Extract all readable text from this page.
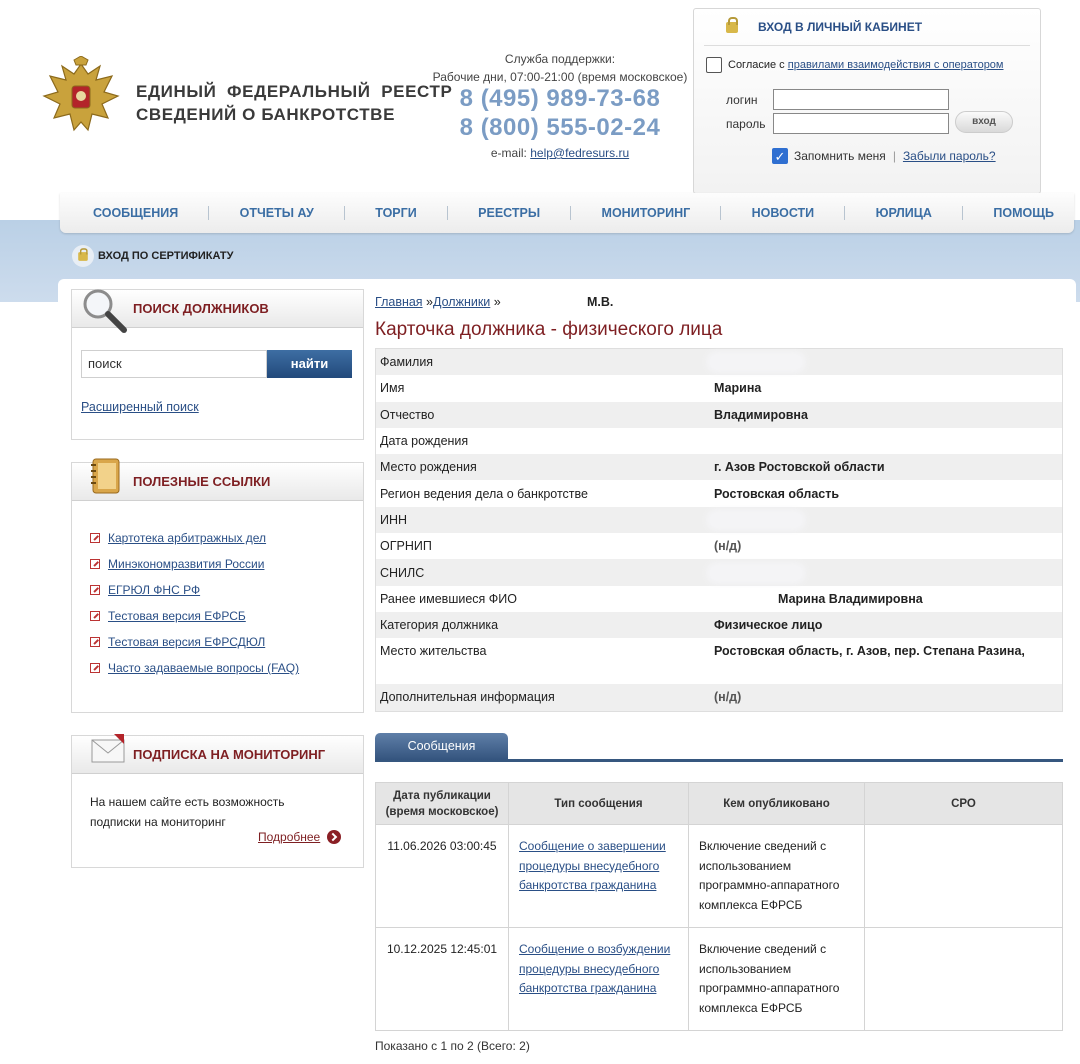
ЕДИНЫЙ  ФЕДЕРАЛЬНЫЙ  РЕЕСТР
СВЕДЕНИЙ О БАНКРОТСТВЕ
Служба поддержки:
Рабочие дни, 07:00-21:00 (время московское)
8 (495) 989-73-68
8 (800) 555-02-24
e-mail: help@fedresurs.ru
ВХОД В ЛИЧНЫЙ КАБИНЕТ
Согласие с
правилами взаимодействия с оператором
логин
пароль	вход
✓ Запомнить меня | Забыли пароль?
СООБЩЕНИЯ	ОТЧЕТЫ АУ	ТОРГИ	РЕЕСТРЫ	МОНИТОРИНГ	НОВОСТИ	ЮРЛИЦА	ПОМОЩЬ
ВХОД ПО СЕРТИФИКАТУ
ПОИСК ДОЛЖНИКОВ
поиск	найти
Расширенный поиск
ПОЛЕЗНЫЕ ССЫЛКИ
Картотека арбитражных дел
Минэкономразвития России
ЕГРЮЛ ФНС РФ
Тестовая версия ЕФРСБ
Тестовая версия ЕФРСДЮЛ
Часто задаваемые вопросы (FAQ)
ПОДПИСКА НА МОНИТОРИНГ
На нашем сайте есть возможность
подписки на мониторинг
Подробнее
Главная »Должники »	М.В.
Карточка должника - физического лица
Фамилия
Имя	Марина
Отчество	Владимировна
Дата рождения
Место рождения	г. Азов Ростовской области
Регион ведения дела о банкротстве	Ростовская область
ИНН
ОГРНИП	(н/д)
СНИЛС
Ранее имевшиеся ФИО	Марина Владимировна
Категория должника	Физическое лицо
Место жительства	Ростовская область, г. Азов, пер. Степана Разина,
Дополнительная информация	(н/д)
Сообщения
Дата публикации (время московское)	Тип сообщения	Кем опубликовано	СРО
11.06.2026 03:00:45	Сообщение о завершении процедуры внесудебного банкротства гражданина	Включение сведений с использованием программно-аппаратного комплекса ЕФРСБ	
10.12.2025 12:45:01	Сообщение о возбуждении процедуры внесудебного банкротства гражданина	Включение сведений с использованием программно-аппаратного комплекса ЕФРСБ	
Показано с 1 по 2 (Всего: 2)
